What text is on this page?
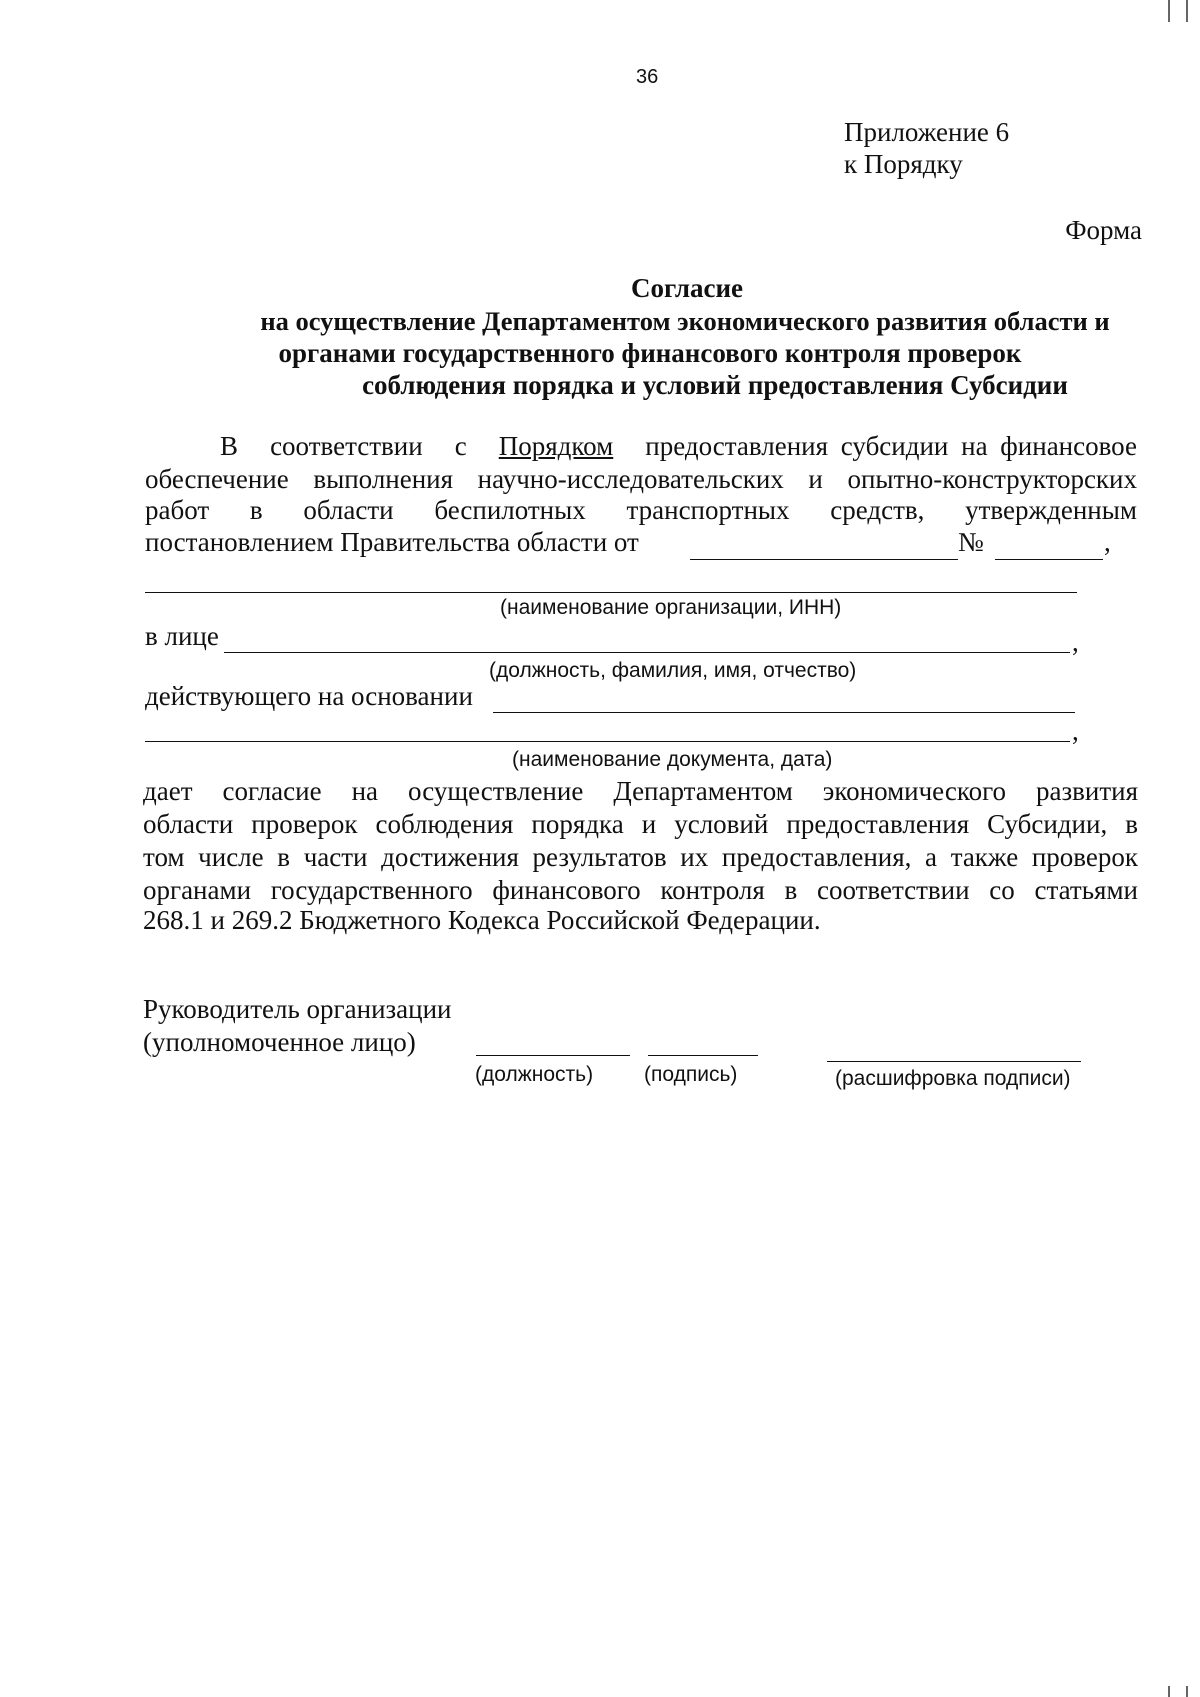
36
Приложение 6
к Порядку
Форма
Согласие
на осуществление Департаментом экономического развития области и
органами государственного финансового контроля проверок
соблюдения порядка и условий предоставления Субсидии
В соответствии с Порядком предоставления субсидии на финансовое
обеспечение выполнения научно-исследовательских и опытно-конструкторских
работ в области беспилотных транспортных средств, утвержденным
постановлением Правительства области от	№	,
(наименование организации, ИНН)
в лице	,
(должность, фамилия, имя, отчество)
действующего на основании
,
(наименование документа, дата)
дает согласие на осуществление Департаментом экономического развития
области проверок соблюдения порядка и условий предоставления Субсидии, в
том числе в части достижения результатов их предоставления, а также проверок
органами государственного финансового контроля в соответствии со статьями
268.1 и 269.2 Бюджетного Кодекса Российской Федерации.
Руководитель организации
(уполномоченное лицо)
(должность) (подпись)	(расшифровка подписи)
